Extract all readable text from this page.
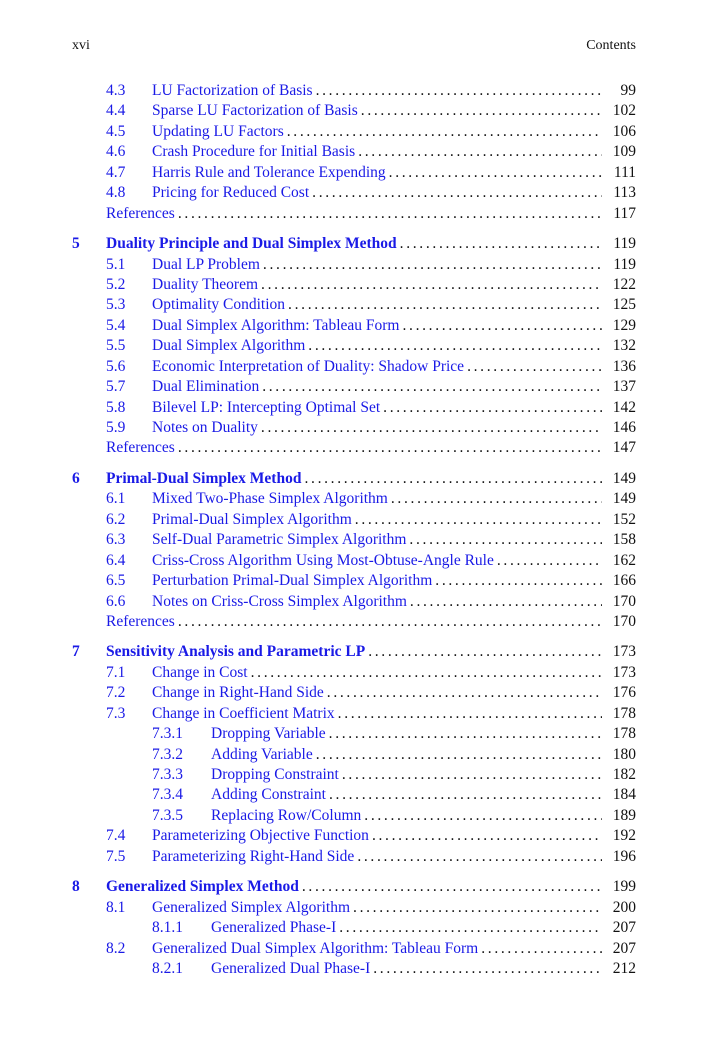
xvi	Contents
4.3 LU Factorization of Basis . . .	99
4.4 Sparse LU Factorization of Basis . . .	102
4.5 Updating LU Factors . . .	106
4.6 Crash Procedure for Initial Basis . . .	109
4.7 Harris Rule and Tolerance Expending . . .	111
4.8 Pricing for Reduced Cost . . .	113
References . . .	117
5 Duality Principle and Dual Simplex Method . . .	119
5.1 Dual LP Problem . . .	119
5.2 Duality Theorem . . .	122
5.3 Optimality Condition . . .	125
5.4 Dual Simplex Algorithm: Tableau Form . . .	129
5.5 Dual Simplex Algorithm . . .	132
5.6 Economic Interpretation of Duality: Shadow Price . . .	136
5.7 Dual Elimination . . .	137
5.8 Bilevel LP: Intercepting Optimal Set . . .	142
5.9 Notes on Duality . . .	146
References . . .	147
6 Primal-Dual Simplex Method . . .	149
6.1 Mixed Two-Phase Simplex Algorithm . . .	149
6.2 Primal-Dual Simplex Algorithm . . .	152
6.3 Self-Dual Parametric Simplex Algorithm . . .	158
6.4 Criss-Cross Algorithm Using Most-Obtuse-Angle Rule . . .	162
6.5 Perturbation Primal-Dual Simplex Algorithm . . .	166
6.6 Notes on Criss-Cross Simplex Algorithm . . .	170
References . . .	170
7 Sensitivity Analysis and Parametric LP . . .	173
7.1 Change in Cost . . .	173
7.2 Change in Right-Hand Side . . .	176
7.3 Change in Coefficient Matrix . . .	178
7.3.1 Dropping Variable . . .	178
7.3.2 Adding Variable . . .	180
7.3.3 Dropping Constraint . . .	182
7.3.4 Adding Constraint . . .	184
7.3.5 Replacing Row/Column . . .	189
7.4 Parameterizing Objective Function . . .	192
7.5 Parameterizing Right-Hand Side . . .	196
8 Generalized Simplex Method . . .	199
8.1 Generalized Simplex Algorithm . . .	200
8.1.1 Generalized Phase-I . . .	207
8.2 Generalized Dual Simplex Algorithm: Tableau Form . . .	207
8.2.1 Generalized Dual Phase-I . . .	212
